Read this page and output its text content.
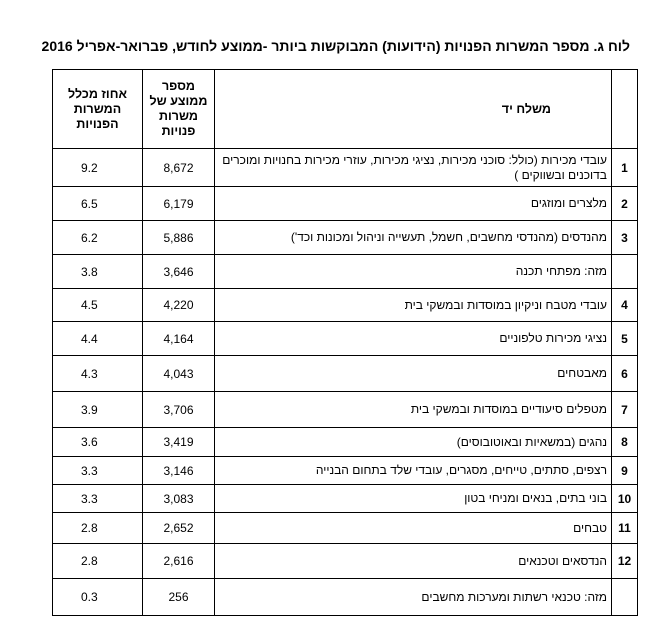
לוח ג. מספר המשרות הפנויות (הידועות) המבוקשות ביותר -ממוצע לחודש, פברואר-אפריל 2016
	משלח יד	מספר ממוצע של משרות פנויות	אחוז מכלל המשרות הפנויות
1	עובדי מכירות (כולל: סוכני מכירות, נציגי מכירות, עוזרי מכירות בחנויות ומוכרים בדוכנים ובשווקים )	8,672	9.2
2	מלצרים ומוזגים	6,179	6.5
3	מהנדסים (מהנדסי מחשבים, חשמל, תעשייה וניהול ומכונות וכד')	5,886	6.2
	מזה: מפתחי תכנה	3,646	3.8
4	עובדי מטבח וניקיון במוסדות ובמשקי בית	4,220	4.5
5	נציגי מכירות טלפוניים	4,164	4.4
6	מאבטחים	4,043	4.3
7	מטפלים סיעודיים במוסדות ובמשקי בית	3,706	3.9
8	נהגים (במשאיות ובאוטובוסים)	3,419	3.6
9	רצפים, סתתים, טייחים, מסגרים, עובדי שלד בתחום הבנייה	3,146	3.3
10	בוני בתים, בנאים ומניחי בטון	3,083	3.3
11	טבחים	2,652	2.8
12	הנדסאים וטכנאים	2,616	2.8
	מזה: טכנאי רשתות ומערכות מחשבים	256	0.3
